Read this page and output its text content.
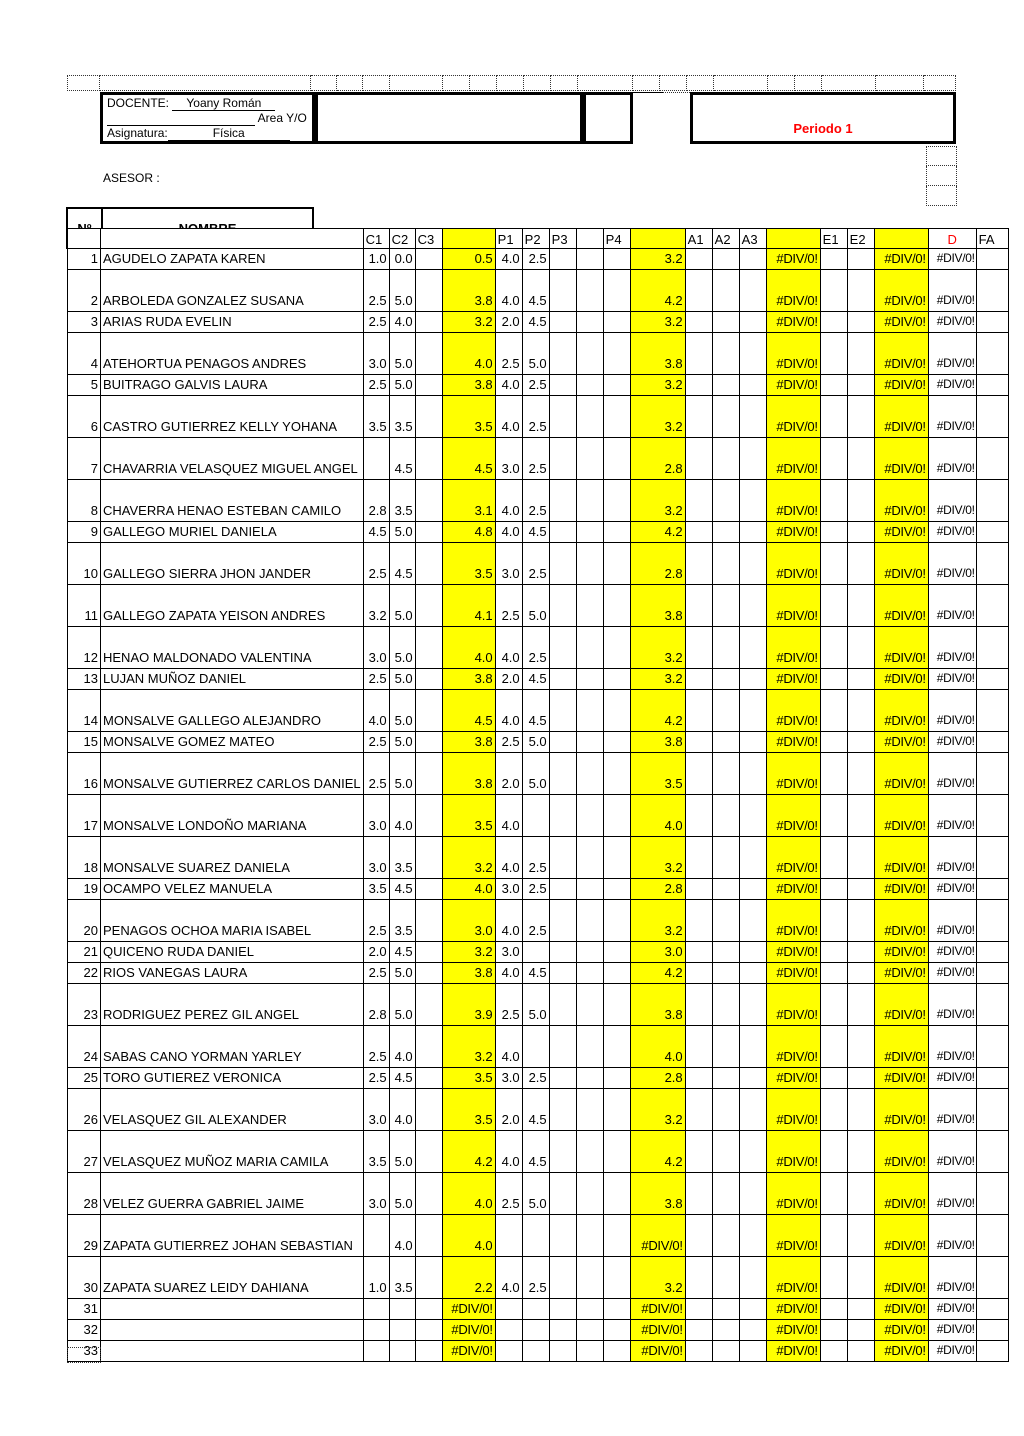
DOCENTE: Yoany Román
Area Y/O
Asignatura:	Física	Periodo 1
ASESOR :
		C1	C2	C3		P1	P2	P3		P4		A1	A2	A3		E1	E2		D	FA
1	AGUDELO ZAPATA KAREN	1.0	0.0		0.5	4.0	2.5				3.2				#DIV/0!			#DIV/0!	#DIV/0!	
2	ARBOLEDA GONZALEZ SUSANA	2.5	5.0		3.8	4.0	4.5				4.2				#DIV/0!			#DIV/0!	#DIV/0!	
3	ARIAS RUDA EVELIN	2.5	4.0		3.2	2.0	4.5				3.2				#DIV/0!			#DIV/0!	#DIV/0!	
4	ATEHORTUA PENAGOS ANDRES	3.0	5.0		4.0	2.5	5.0				3.8				#DIV/0!			#DIV/0!	#DIV/0!	
5	BUITRAGO GALVIS LAURA	2.5	5.0		3.8	4.0	2.5				3.2				#DIV/0!			#DIV/0!	#DIV/0!	
6	CASTRO GUTIERREZ KELLY YOHANA	3.5	3.5		3.5	4.0	2.5				3.2				#DIV/0!			#DIV/0!	#DIV/0!	
7	CHAVARRIA VELASQUEZ MIGUEL ANGEL		4.5		4.5	3.0	2.5				2.8				#DIV/0!			#DIV/0!	#DIV/0!	
8	CHAVERRA HENAO ESTEBAN CAMILO	2.8	3.5		3.1	4.0	2.5				3.2				#DIV/0!			#DIV/0!	#DIV/0!	
9	GALLEGO MURIEL DANIELA	4.5	5.0		4.8	4.0	4.5				4.2				#DIV/0!			#DIV/0!	#DIV/0!	
10	GALLEGO SIERRA JHON JANDER	2.5	4.5		3.5	3.0	2.5				2.8				#DIV/0!			#DIV/0!	#DIV/0!	
11	GALLEGO ZAPATA YEISON ANDRES	3.2	5.0		4.1	2.5	5.0				3.8				#DIV/0!			#DIV/0!	#DIV/0!	
12	HENAO MALDONADO VALENTINA	3.0	5.0		4.0	4.0	2.5				3.2				#DIV/0!			#DIV/0!	#DIV/0!	
13	LUJAN MUÑOZ DANIEL	2.5	5.0		3.8	2.0	4.5				3.2				#DIV/0!			#DIV/0!	#DIV/0!	
14	MONSALVE GALLEGO ALEJANDRO	4.0	5.0		4.5	4.0	4.5				4.2				#DIV/0!			#DIV/0!	#DIV/0!	
15	MONSALVE GOMEZ MATEO	2.5	5.0		3.8	2.5	5.0				3.8				#DIV/0!			#DIV/0!	#DIV/0!	
16	MONSALVE GUTIERREZ CARLOS DANIEL	2.5	5.0		3.8	2.0	5.0				3.5				#DIV/0!			#DIV/0!	#DIV/0!	
17	MONSALVE LONDOÑO MARIANA	3.0	4.0		3.5	4.0					4.0				#DIV/0!			#DIV/0!	#DIV/0!	
18	MONSALVE SUAREZ DANIELA	3.0	3.5		3.2	4.0	2.5				3.2				#DIV/0!			#DIV/0!	#DIV/0!	
19	OCAMPO VELEZ MANUELA	3.5	4.5		4.0	3.0	2.5				2.8				#DIV/0!			#DIV/0!	#DIV/0!	
20	PENAGOS OCHOA MARIA ISABEL	2.5	3.5		3.0	4.0	2.5				3.2				#DIV/0!			#DIV/0!	#DIV/0!	
21	QUICENO RUDA DANIEL	2.0	4.5		3.2	3.0					3.0				#DIV/0!			#DIV/0!	#DIV/0!	
22	RIOS VANEGAS LAURA	2.5	5.0		3.8	4.0	4.5				4.2				#DIV/0!			#DIV/0!	#DIV/0!	
23	RODRIGUEZ PEREZ GIL ANGEL	2.8	5.0		3.9	2.5	5.0				3.8				#DIV/0!			#DIV/0!	#DIV/0!	
24	SABAS CANO YORMAN YARLEY	2.5	4.0		3.2	4.0					4.0				#DIV/0!			#DIV/0!	#DIV/0!	
25	TORO GUTIEREZ VERONICA	2.5	4.5		3.5	3.0	2.5				2.8				#DIV/0!			#DIV/0!	#DIV/0!	
26	VELASQUEZ GIL ALEXANDER	3.0	4.0		3.5	2.0	4.5				3.2				#DIV/0!			#DIV/0!	#DIV/0!	
27	VELASQUEZ MUÑOZ MARIA CAMILA	3.5	5.0		4.2	4.0	4.5				4.2				#DIV/0!			#DIV/0!	#DIV/0!	
28	VELEZ GUERRA GABRIEL JAIME	3.0	5.0		4.0	2.5	5.0				3.8				#DIV/0!			#DIV/0!	#DIV/0!	
29	ZAPATA GUTIERREZ JOHAN SEBASTIAN		4.0		4.0						#DIV/0!				#DIV/0!			#DIV/0!	#DIV/0!	
30	ZAPATA SUAREZ LEIDY DAHIANA	1.0	3.5		2.2	4.0	2.5				3.2				#DIV/0!			#DIV/0!	#DIV/0!	
31					#DIV/0!						#DIV/0!				#DIV/0!			#DIV/0!	#DIV/0!	
32					#DIV/0!						#DIV/0!				#DIV/0!			#DIV/0!	#DIV/0!	
33					#DIV/0!						#DIV/0!				#DIV/0!			#DIV/0!	#DIV/0!	
